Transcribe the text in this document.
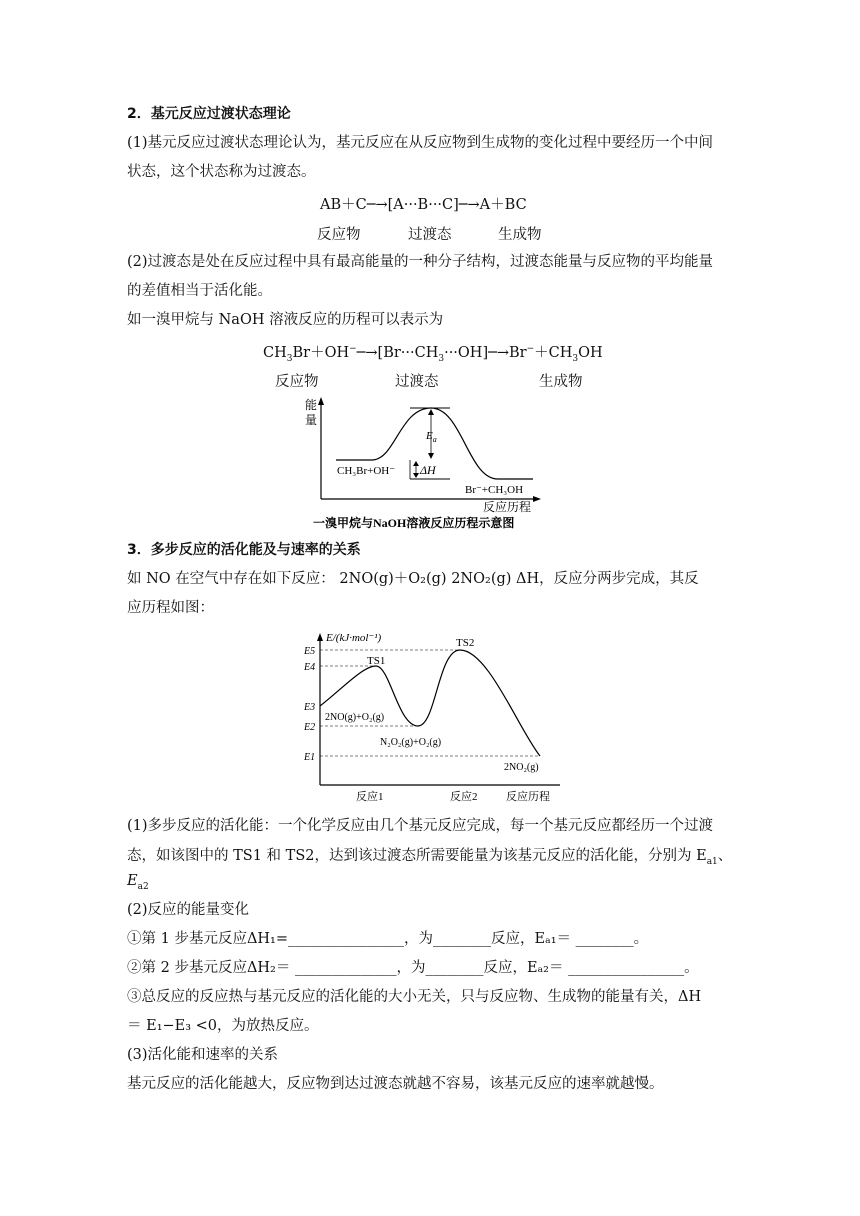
2．基元反应过渡状态理论
(1)基元反应过渡状态理论认为，基元反应在从反应物到生成物的变化过程中要经历一个中间
状态，这个状态称为过渡态。
AB＋C─→[A···B···C]─→A＋BC
反应物	过渡态	生成物
(2)过渡态是处在反应过程中具有最高能量的一种分子结构，过渡态能量与反应物的平均能量
的差值相当于活化能。
如一溴甲烷与 NaOH 溶液反应的历程可以表示为
$CH_3Br+OH^-─\to[Br\cdot\cdot\cdot CH_3\cdot\cdot\cdot OH]─\to Br^-+CH_3OH$
反应物	过渡态	生成物
能量
$E_a$
ΔH
CH₃Br+OH⁻
Br⁻+CH₃OH
反应历程
一溴甲烷与NaOH溶液反应历程示意图
3．多步反应的活化能及与速率的关系
如 NO 在空气中存在如下反应： 2NO(g)＋O₂(g) 2NO₂(g) ΔH，反应分两步完成，其反
应历程如图：
E/(kJ·mol⁻¹)
E5
E4
E3
E2
E1
TS1
TS2
2NO(g)+O₂(g)
N₂O₂(g)+O₂(g)
2NO₂(g)
反应1	反应2	反应历程
(1)多步反应的活化能：一个化学反应由几个基元反应完成，每一个基元反应都经历一个过渡
态，如该图中的 TS1 和 TS2，达到该过渡态所需要能量为该基元反应的活化能，分别为 $E_{a1}$、
$E_{a2}$
(2)反应的能量变化
①第 1 步基元反应ΔH₁=________________，为________反应，Eₐ₁＝ ________。
②第 2 步基元反应ΔH₂＝ ______________，为________反应，Eₐ₂＝ ________________。
③总反应的反应热与基元反应的活化能的大小无关，只与反应物、生成物的能量有关，ΔH
＝ E₁−E₃ <0，为放热反应。
(3)活化能和速率的关系
基元反应的活化能越大，反应物到达过渡态就越不容易，该基元反应的速率就越慢。
